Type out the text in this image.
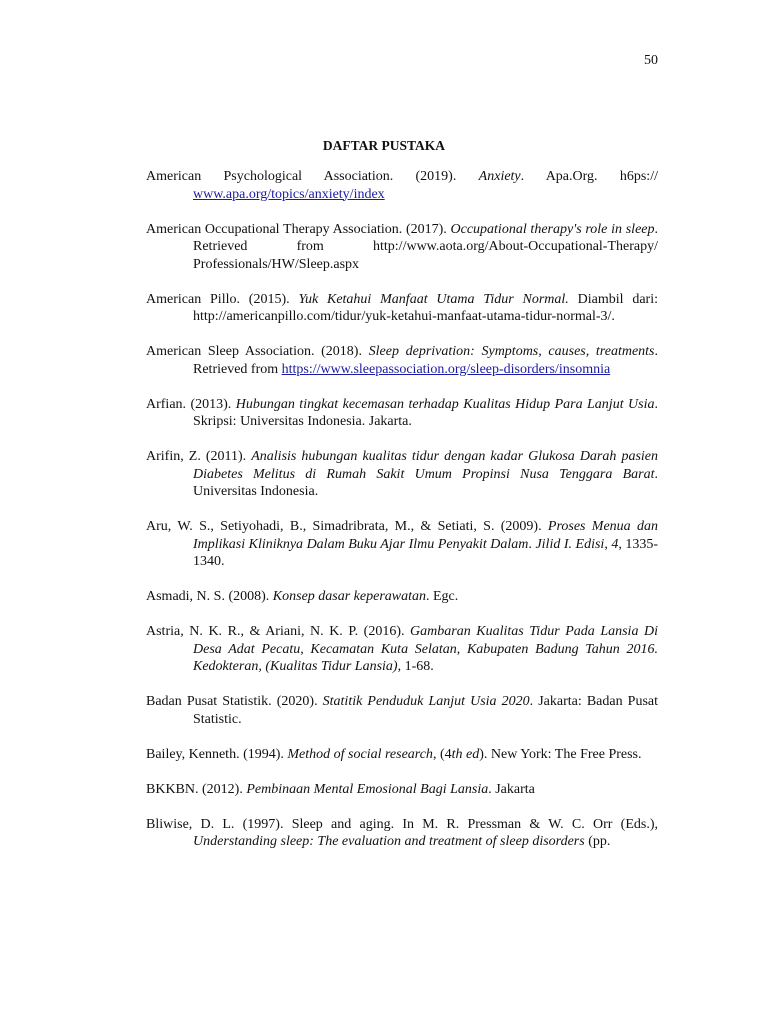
50
DAFTAR PUSTAKA
American Psychological Association. (2019). Anxiety. Apa.Org. h6ps:// www.apa.org/topics/anxiety/index
American Occupational Therapy Association. (2017). Occupational therapy's role in sleep. Retrieved from http://www.aota.org/About-Occupational-Therapy/ Professionals/HW/Sleep.aspx
American Pillo. (2015). Yuk Ketahui Manfaat Utama Tidur Normal. Diambil dari: http://americanpillo.com/tidur/yuk-ketahui-manfaat-utama-tidur-normal-3/.
American Sleep Association. (2018). Sleep deprivation: Symptoms, causes, treatments. Retrieved from https://www.sleepassociation.org/sleep-disorders/insomnia
Arfian. (2013). Hubungan tingkat kecemasan terhadap Kualitas Hidup Para Lanjut Usia. Skripsi: Universitas Indonesia. Jakarta.
Arifin, Z. (2011). Analisis hubungan kualitas tidur dengan kadar Glukosa Darah pasien Diabetes Melitus di Rumah Sakit Umum Propinsi Nusa Tenggara Barat. Universitas Indonesia.
Aru, W. S., Setiyohadi, B., Simadribrata, M., & Setiati, S. (2009). Proses Menua dan Implikasi Kliniknya Dalam Buku Ajar Ilmu Penyakit Dalam. Jilid I. Edisi, 4, 1335-1340.
Asmadi, N. S. (2008). Konsep dasar keperawatan. Egc.
Astria, N. K. R., & Ariani, N. K. P. (2016). Gambaran Kualitas Tidur Pada Lansia Di Desa Adat Pecatu, Kecamatan Kuta Selatan, Kabupaten Badung Tahun 2016. Kedokteran, (Kualitas Tidur Lansia), 1-68.
Badan Pusat Statistik. (2020). Statitik Penduduk Lanjut Usia 2020. Jakarta: Badan Pusat Statistic.
Bailey, Kenneth. (1994). Method of social research, (4th ed). New York: The Free Press.
BKKBN. (2012). Pembinaan Mental Emosional Bagi Lansia. Jakarta
Bliwise, D. L. (1997). Sleep and aging. In M. R. Pressman & W. C. Orr (Eds.), Understanding sleep: The evaluation and treatment of sleep disorders (pp.
